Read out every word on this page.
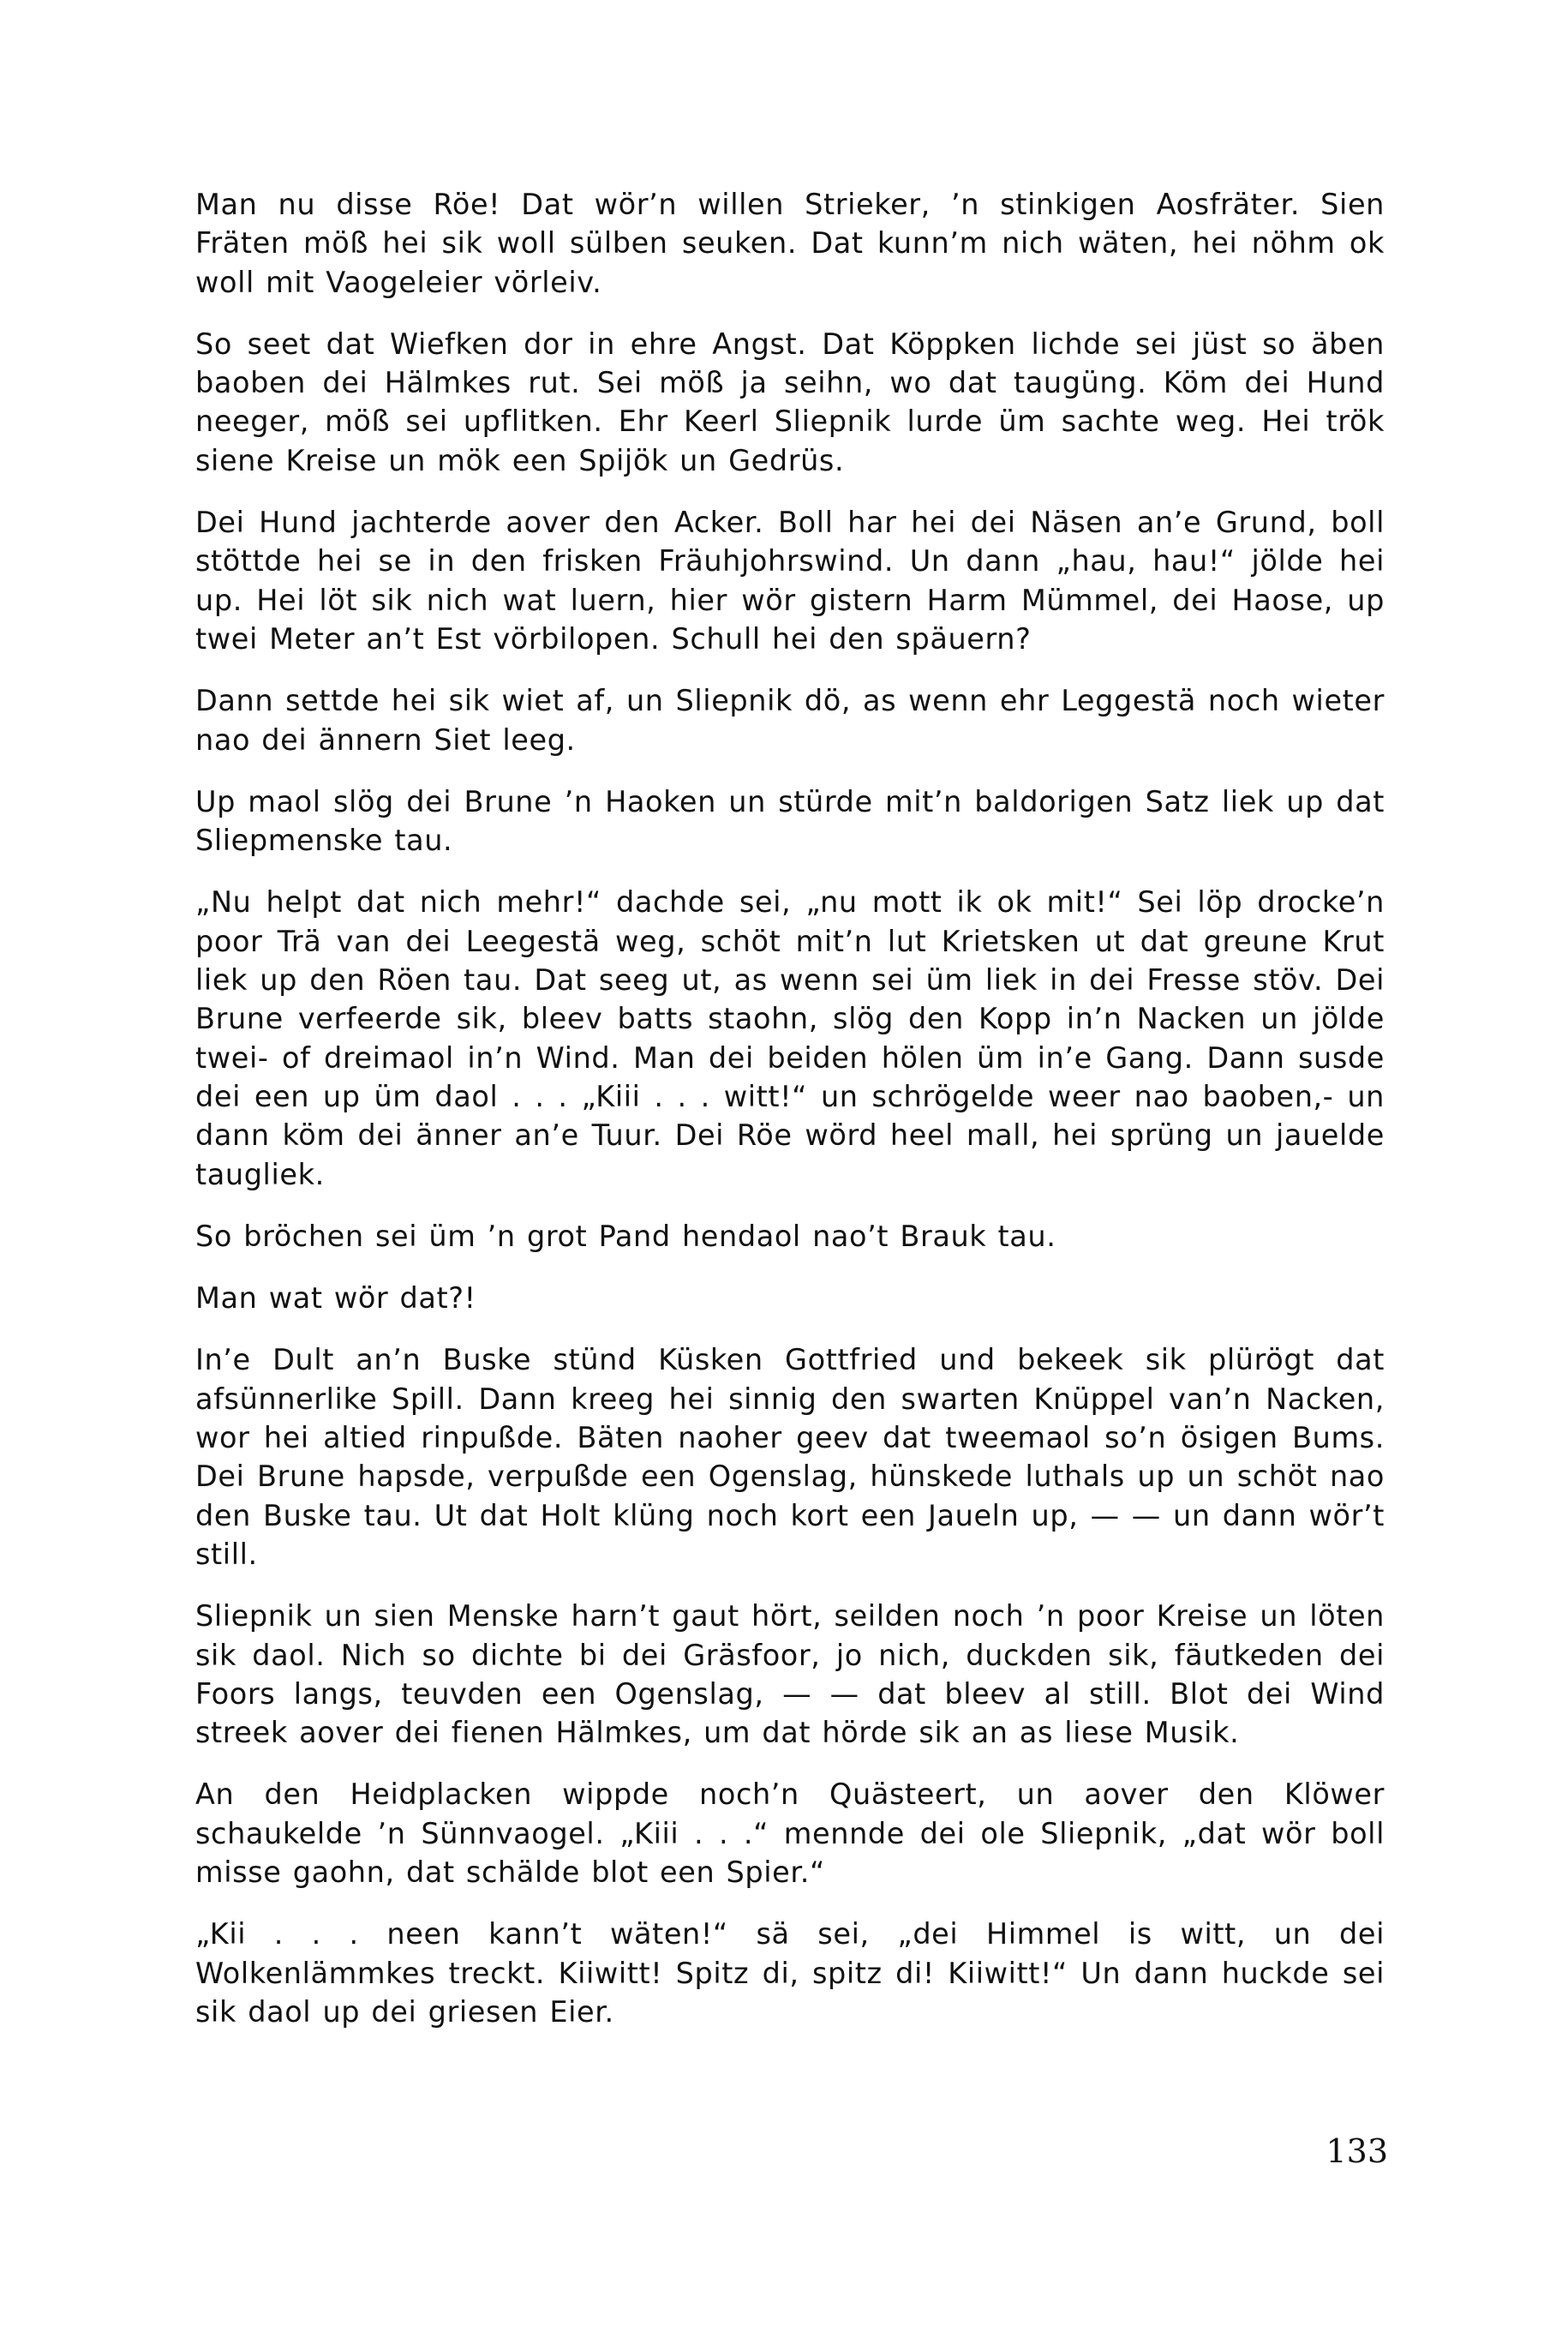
Man nu disse Röe! Dat wör’n willen Strieker, ’n stinkigen Aosfräter. Sien Fräten möß hei sik woll sülben seuken. Dat kunn’m nich wäten, hei nöhm ok woll mit Vaogeleier vörleiv.

So seet dat Wiefken dor in ehre Angst. Dat Köppken lichde sei jüst so äben baoben dei Hälmkes rut. Sei möß ja seihn, wo dat taugüng. Köm dei Hund neeger, möß sei upflitken. Ehr Keerl Sliepnik lurde üm sachte weg. Hei trök siene Kreise un mök een Spijök un Gedrüs.

Dei Hund jachterde aover den Acker. Boll har hei dei Näsen an’e Grund, boll stöttde hei se in den frisken Fräuhjohrswind. Un dann „hau, hau!“ jölde hei up. Hei löt sik nich wat luern, hier wör gistern Harm Mümmel, dei Haose, up twei Meter an’t Est vörbilopen. Schull hei den späuern?

Dann settde hei sik wiet af, un Sliepnik dö, as wenn ehr Leggestä noch wieter nao dei ännern Siet leeg.

Up maol slög dei Brune ’n Haoken un stürde mit’n baldorigen Satz liek up dat Sliepmenske tau.

„Nu helpt dat nich mehr!“ dachde sei, „nu mott ik ok mit!“ Sei löp drocke’n poor Trä van dei Leegestä weg, schöt mit’n lut Krietsken ut dat greune Krut liek up den Röen tau. Dat seeg ut, as wenn sei üm liek in dei Fresse stöv. Dei Brune verfeerde sik, bleev batts staohn, slög den Kopp in’n Nacken un jölde twei- of dreimaol in’n Wind. Man dei beiden hölen üm in’e Gang. Dann susde dei een up üm daol . . . „Kiii . . . witt!“ un schrögelde weer nao baoben,- un dann köm dei änner an’e Tuur. Dei Röe wörd heel mall, hei sprüng un jauelde taugliek.

So bröchen sei üm ’n grot Pand hendaol nao’t Brauk tau.

Man wat wör dat?!

In’e Dult an’n Buske stünd Küsken Gottfried und bekeek sik plürögt dat afsünnerlike Spill. Dann kreeg hei sinnig den swarten Knüppel van’n Nacken, wor hei altied rinpußde. Bäten naoher geev dat tweemaol so’n ösigen Bums. Dei Brune hapsde, verpußde een Ogenslag, hünskede luthals up un schöt nao den Buske tau. Ut dat Holt klüng noch kort een Jaueln up, — — un dann wör’t still.

Sliepnik un sien Menske harn’t gaut hört, seilden noch ’n poor Kreise un löten sik daol. Nich so dichte bi dei Gräsfoor, jo nich, duckden sik, fäutkeden dei Foors langs, teuvden een Ogenslag, — — dat bleev al still. Blot dei Wind streek aover dei fienen Hälmkes, um dat hörde sik an as liese Musik.

An den Heidplacken wippde noch’n Quästeert, un aover den Klöwer schaukelde ’n Sünnvaogel. „Kiii . . .“ mennde dei ole Sliepnik, „dat wör boll misse gaohn, dat schälde blot een Spier.“

„Kii . . . neen kann’t wäten!“ sä sei, „dei Himmel is witt, un dei Wolkenlämmkes treckt. Kiiwitt! Spitz di, spitz di! Kiiwitt!“ Un dann huckde sei sik daol up dei griesen Eier.

133
